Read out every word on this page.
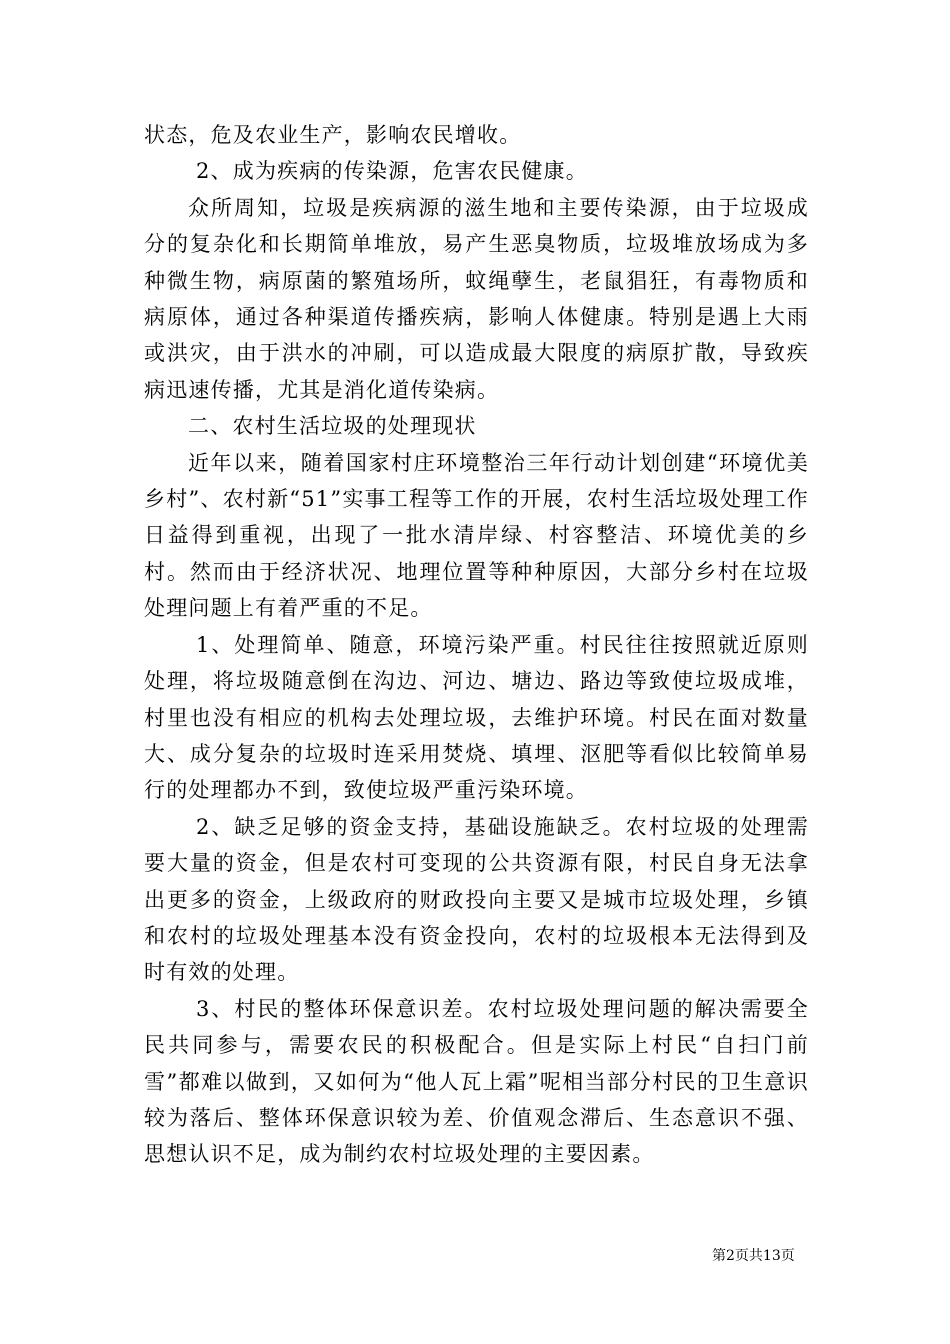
状态，危及农业生产，影响农民增收。

2、成为疾病的传染源，危害农民健康。

众所周知，垃圾是疾病源的滋生地和主要传染源，由于垃圾成分的复杂化和长期简单堆放，易产生恶臭物质，垃圾堆放场成为多种微生物，病原菌的繁殖场所，蚊绳孽生，老鼠猖狂，有毒物质和病原体，通过各种渠道传播疾病，影响人体健康。特别是遇上大雨或洪灾，由于洪水的冲刷，可以造成最大限度的病原扩散，导致疾病迅速传播，尤其是消化道传染病。

二、农村生活垃圾的处理现状

近年以来，随着国家村庄环境整治三年行动计划创建“环境优美乡村”、农村新“51”实事工程等工作的开展，农村生活垃圾处理工作日益得到重视，出现了一批水清岸绿、村容整洁、环境优美的乡村。然而由于经济状况、地理位置等种种原因，大部分乡村在垃圾处理问题上有着严重的不足。

1、处理简单、随意，环境污染严重。村民往往按照就近原则处理，将垃圾随意倒在沟边、河边、塘边、路边等致使垃圾成堆，村里也没有相应的机构去处理垃圾，去维护环境。村民在面对数量大、成分复杂的垃圾时连采用焚烧、填埋、沤肥等看似比较简单易行的处理都办不到，致使垃圾严重污染环境。

2、缺乏足够的资金支持，基础设施缺乏。农村垃圾的处理需要大量的资金，但是农村可变现的公共资源有限，村民自身无法拿出更多的资金，上级政府的财政投向主要又是城市垃圾处理，乡镇和农村的垃圾处理基本没有资金投向，农村的垃圾根本无法得到及时有效的处理。

3、村民的整体环保意识差。农村垃圾处理问题的解决需要全民共同参与，需要农民的积极配合。但是实际上村民“自扫门前雪”都难以做到，又如何为“他人瓦上霜”呢相当部分村民的卫生意识较为落后、整体环保意识较为差、价值观念滞后、生态意识不强、思想认识不足，成为制约农村垃圾处理的主要因素。

第2页共13页
